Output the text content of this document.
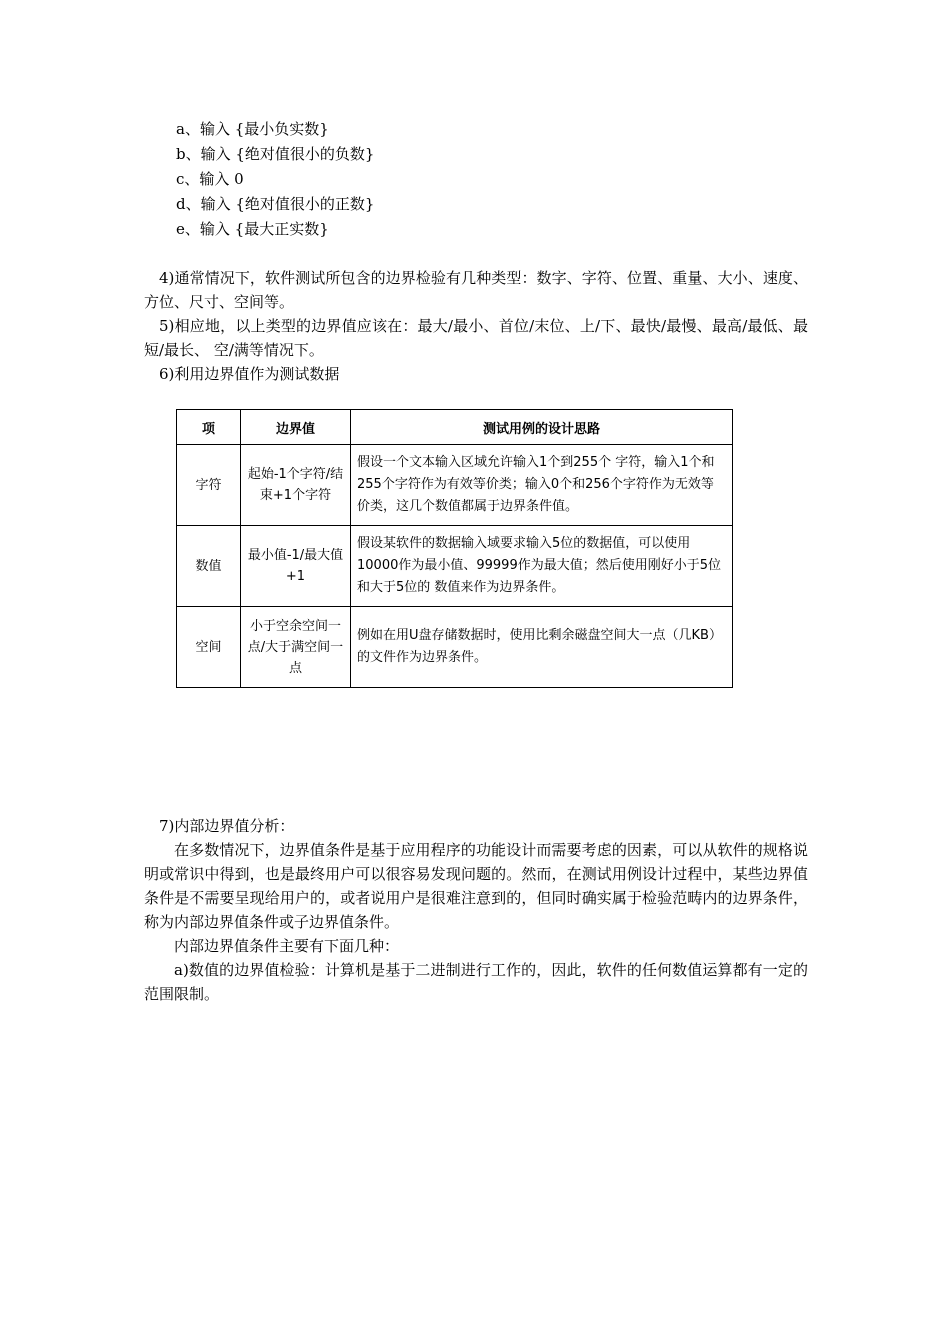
a、输入 {最小负实数}
b、输入 {绝对值很小的负数}
c、输入 0
d、输入 {绝对值很小的正数}
e、输入 {最大正实数}

4)通常情况下，软件测试所包含的边界检验有几种类型：数字、字符、位置、重量、大小、速度、方位、尺寸、空间等。

5)相应地，以上类型的边界值应该在：最大/最小、首位/末位、上/下、最快/最慢、最高/最低、最短/最长、 空/满等情况下。

6)利用边界值作为测试数据

项	边界值	测试用例的设计思路
字符	起始-1个字符/结束+1个字符	假设一个文本输入区域允许输入1个到255个 字符，输入1个和255个字符作为有效等价类；输入0个和256个字符作为无效等价类，这几个数值都属于边界条件值。
数值	最小值-1/最大值+1	假设某软件的数据输入域要求输入5位的数据值，可以使用10000作为最小值、99999作为最大值；然后使用刚好小于5位和大于5位的 数值来作为边界条件。
空间	小于空余空间一点/大于满空间一点	例如在用U盘存储数据时，使用比剩余磁盘空间大一点（几KB）的文件作为边界条件。

7)内部边界值分析：

在多数情况下，边界值条件是基于应用程序的功能设计而需要考虑的因素，可以从软件的规格说明或常识中得到，也是最终用户可以很容易发现问题的。然而，在测试用例设计过程中，某些边界值条件是不需要呈现给用户的，或者说用户是很难注意到的，但同时确实属于检验范畴内的边界条件，称为内部边界值条件或子边界值条件。

内部边界值条件主要有下面几种：

a)数值的边界值检验：计算机是基于二进制进行工作的，因此，软件的任何数值运算都有一定的范围限制。
